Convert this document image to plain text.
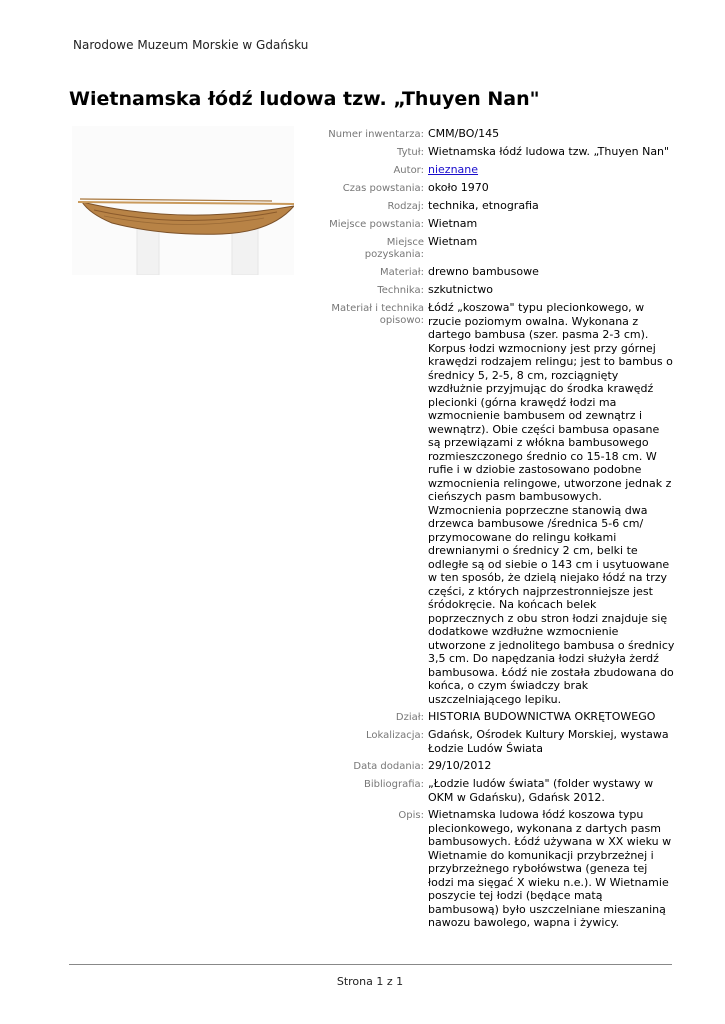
Narodowe Muzeum Morskie w Gdańsku
Wietnamska łódź ludowa tzw. „Thuyen Nan"
Numer inwentarza: CMM/BO/145
Tytuł: Wietnamska łódź ludowa tzw. „Thuyen Nan"
Autor: nieznane
Czas powstania: około 1970
Rodzaj: technika, etnografia
Miejsce powstania: Wietnam
Miejsce pozyskania:
Wietnam
Materiał: drewno bambusowe
Technika: szkutnictwo
Materiał i technika opisowo:
Łódź „koszowa" typu plecionkowego, w rzucie poziomym owalna. Wykonana z dartego bambusa (szer. pasma 2-3 cm). Korpus łodzi wzmocniony jest przy górnej krawędzi rodzajem relingu; jest to bambus o średnicy 5, 2-5, 8 cm, rozciągnięty wzdłużnie przyjmując do środka krawędź plecionki (górna krawędź łodzi ma wzmocnienie bambusem od zewnątrz i wewnątrz). Obie części bambusa opasane są przewiązami z włókna bambusowego rozmieszczonego średnio co 15-18 cm. W rufie i w dziobie zastosowano podobne wzmocnienia relingowe, utworzone jednak z cieńszych pasm bambusowych. Wzmocnienia poprzeczne stanowią dwa drzewca bambusowe /średnica 5-6 cm/ przymocowane do relingu kołkami drewnianymi o średnicy 2 cm, belki te odległe są od siebie o 143 cm i usytuowane w ten sposób, że dzielą niejako łódź na trzy części, z których najprzestronniejsze jest śródokręcie. Na końcach belek poprzecznych z obu stron łodzi znajduje się dodatkowe wzdłużne wzmocnienie utworzone z jednolitego bambusa o średnicy 3,5 cm. Do napędzania łodzi służyła żerdź bambusowa. Łódź nie została zbudowana do końca, o czym świadczy brak uszczelniającego lepiku.
Dział: HISTORIA BUDOWNICTWA OKRĘTOWEGO
Lokalizacja: Gdańsk, Ośrodek Kultury Morskiej, wystawa Łodzie Ludów Świata
Data dodania: 29/10/2012
Bibliografia: „Łodzie ludów świata" (folder wystawy w OKM w Gdańsku), Gdańsk 2012.
Opis: Wietnamska ludowa łódź koszowa typu plecionkowego, wykonana z dartych pasm bambusowych. Łódź używana w XX wieku w Wietnamie do komunikacji przybrzeżnej i przybrzeżnego rybołówstwa (geneza tej łodzi ma sięgać X wieku n.e.). W Wietnamie poszycie tej łodzi (będące matą bambusową) było uszczelniane mieszaniną nawozu bawolego, wapna i żywicy.
Strona 1 z 1
